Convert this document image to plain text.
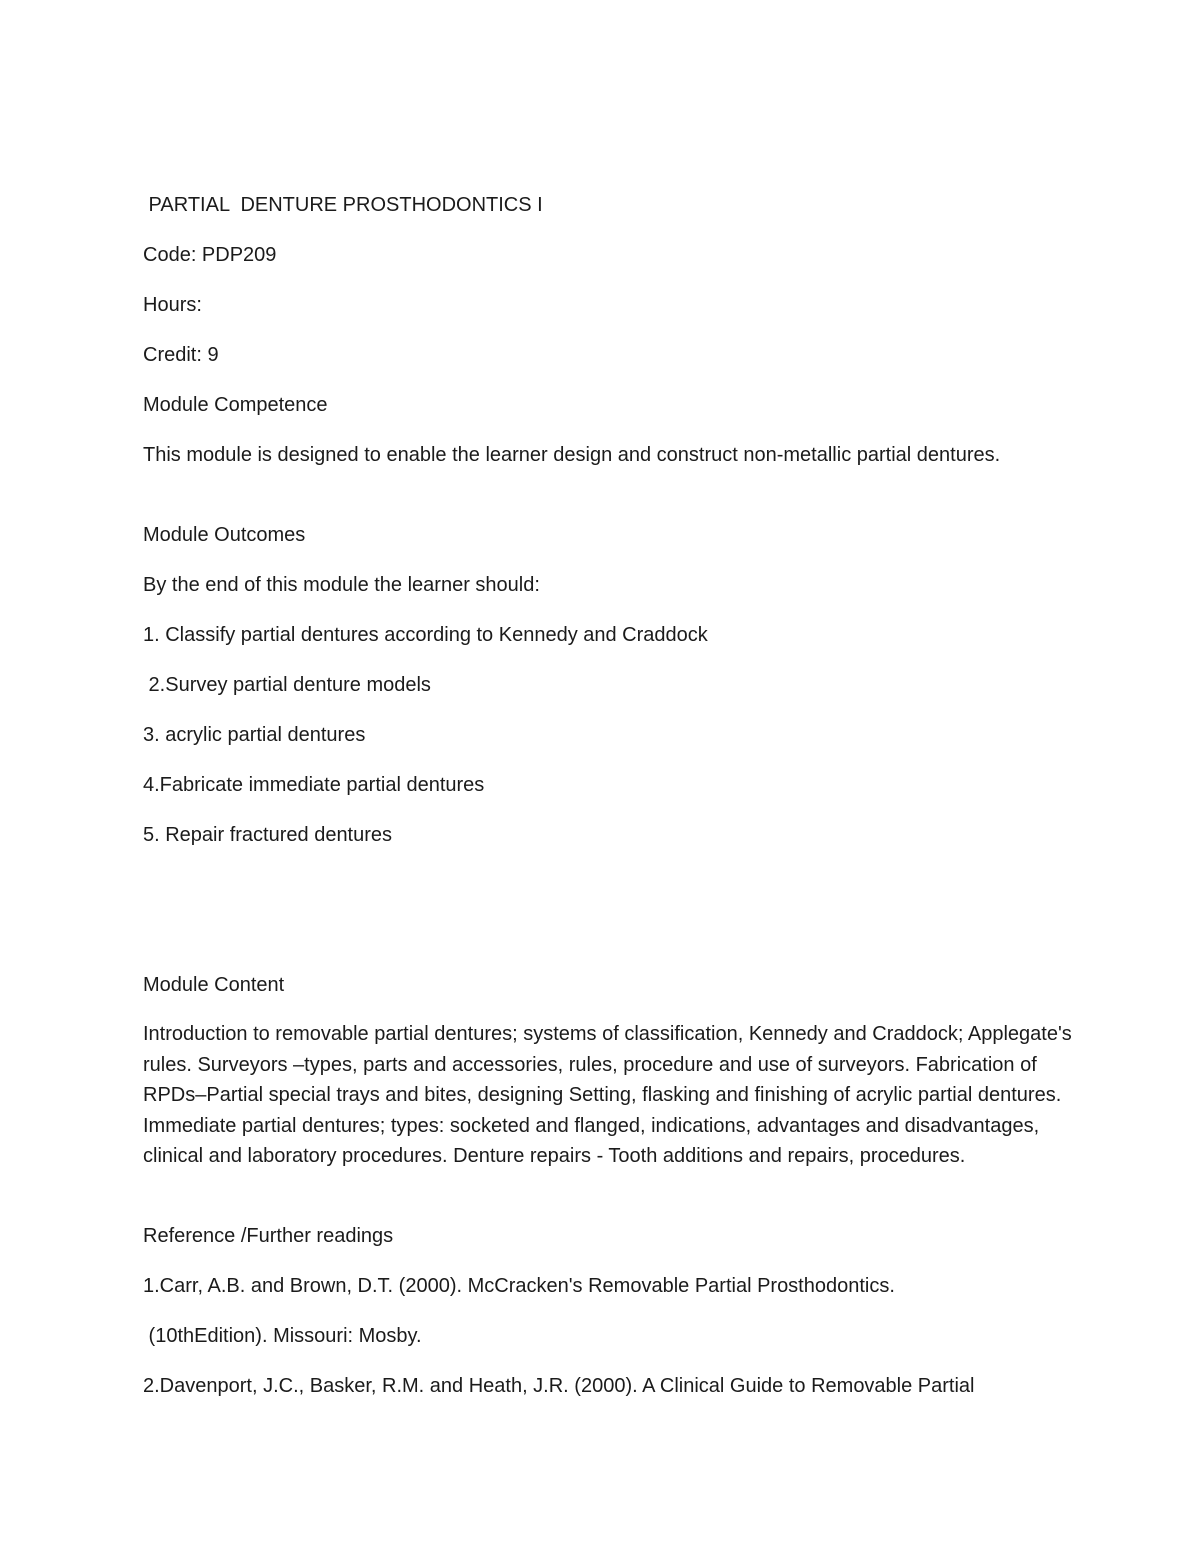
PARTIAL  DENTURE PROSTHODONTICS I

Code: PDP209

Hours:

Credit: 9

Module Competence

This module is designed to enable the learner design and construct non-metallic partial dentures.

Module Outcomes

By the end of this module the learner should:

1. Classify partial dentures according to Kennedy and Craddock

2.Survey partial denture models

3. acrylic partial dentures

4.Fabricate immediate partial dentures

5. Repair fractured dentures

Module Content

Introduction to removable partial dentures; systems of classification, Kennedy and Craddock; Applegate's rules. Surveyors –types, parts and accessories, rules, procedure and use of surveyors. Fabrication of RPDs–Partial special trays and bites, designing Setting, flasking and finishing of acrylic partial dentures. Immediate partial dentures; types: socketed and flanged, indications, advantages and disadvantages, clinical and laboratory procedures. Denture repairs - Tooth additions and repairs, procedures.

Reference /Further readings

1.Carr, A.B. and Brown, D.T. (2000). McCracken's Removable Partial Prosthodontics.

(10thEdition). Missouri: Mosby.

2.Davenport, J.C., Basker, R.M. and Heath, J.R. (2000). A Clinical Guide to Removable Partial
